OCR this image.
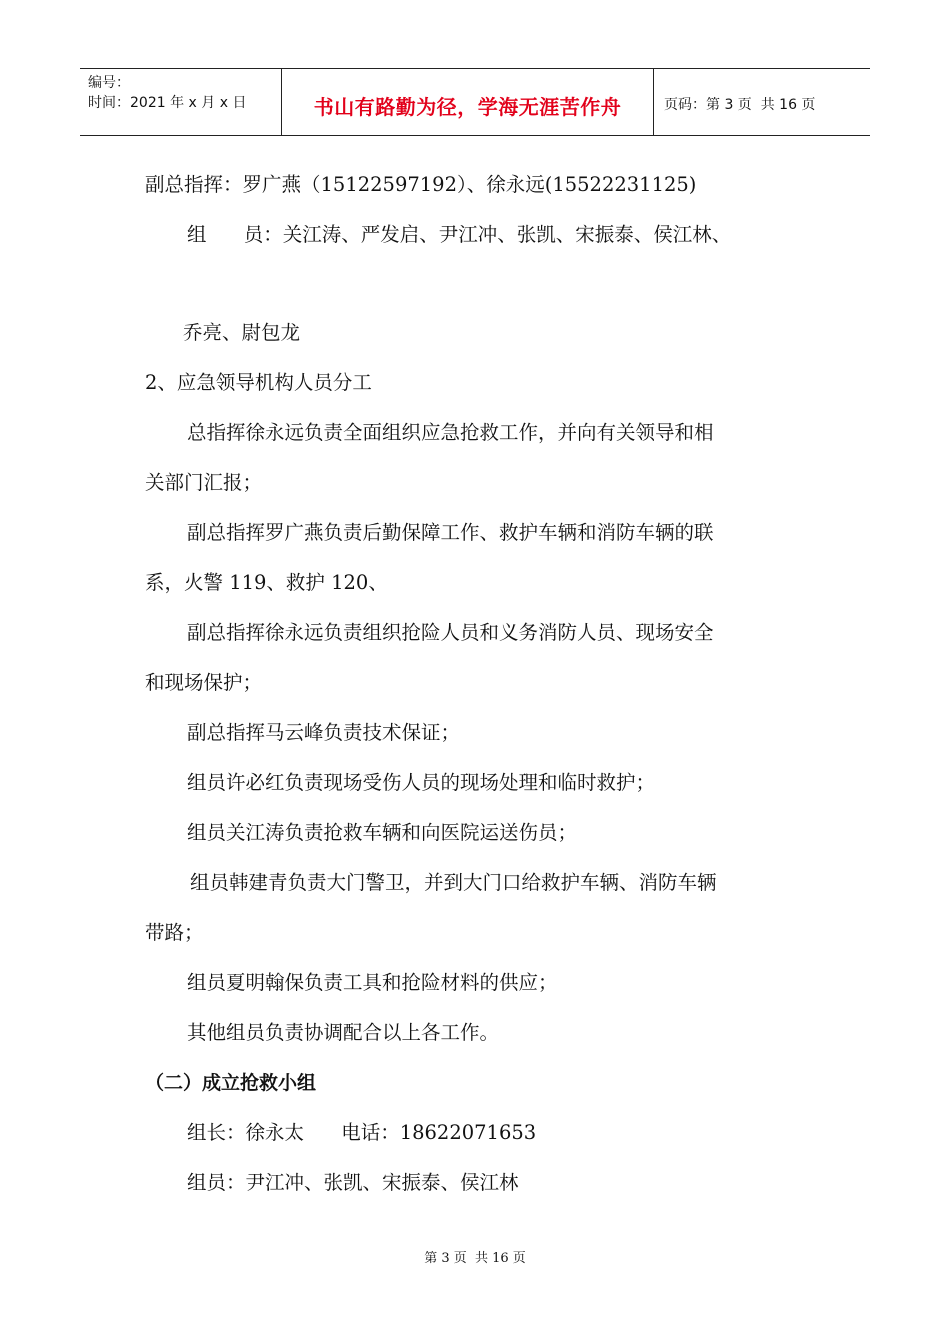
编号：
时间：2021 年 x 月 x 日	书山有路勤为径，学海无涯苦作舟	页码：第 3 页  共 16 页
副总指挥：罗广燕（15122597192）、徐永远(15522231125)
组      员：关江涛、严发启、尹江冲、张凯、宋振泰、侯江林、
乔亮、尉包龙
2、应急领导机构人员分工
总指挥徐永远负责全面组织应急抢救工作，并向有关领导和相
关部门汇报；
副总指挥罗广燕负责后勤保障工作、救护车辆和消防车辆的联
系，火警 119、救护 120、
副总指挥徐永远负责组织抢险人员和义务消防人员、现场安全
和现场保护；
副总指挥马云峰负责技术保证；
组员许必红负责现场受伤人员的现场处理和临时救护；
组员关江涛负责抢救车辆和向医院运送伤员；
组员韩建青负责大门警卫，并到大门口给救护车辆、消防车辆
带路；
组员夏明翰保负责工具和抢险材料的供应；
其他组员负责协调配合以上各工作。
（二）成立抢救小组
组长：徐永太      电话：18622071653
组员：尹江冲、张凯、宋振泰、侯江林
第 3 页  共 16 页
